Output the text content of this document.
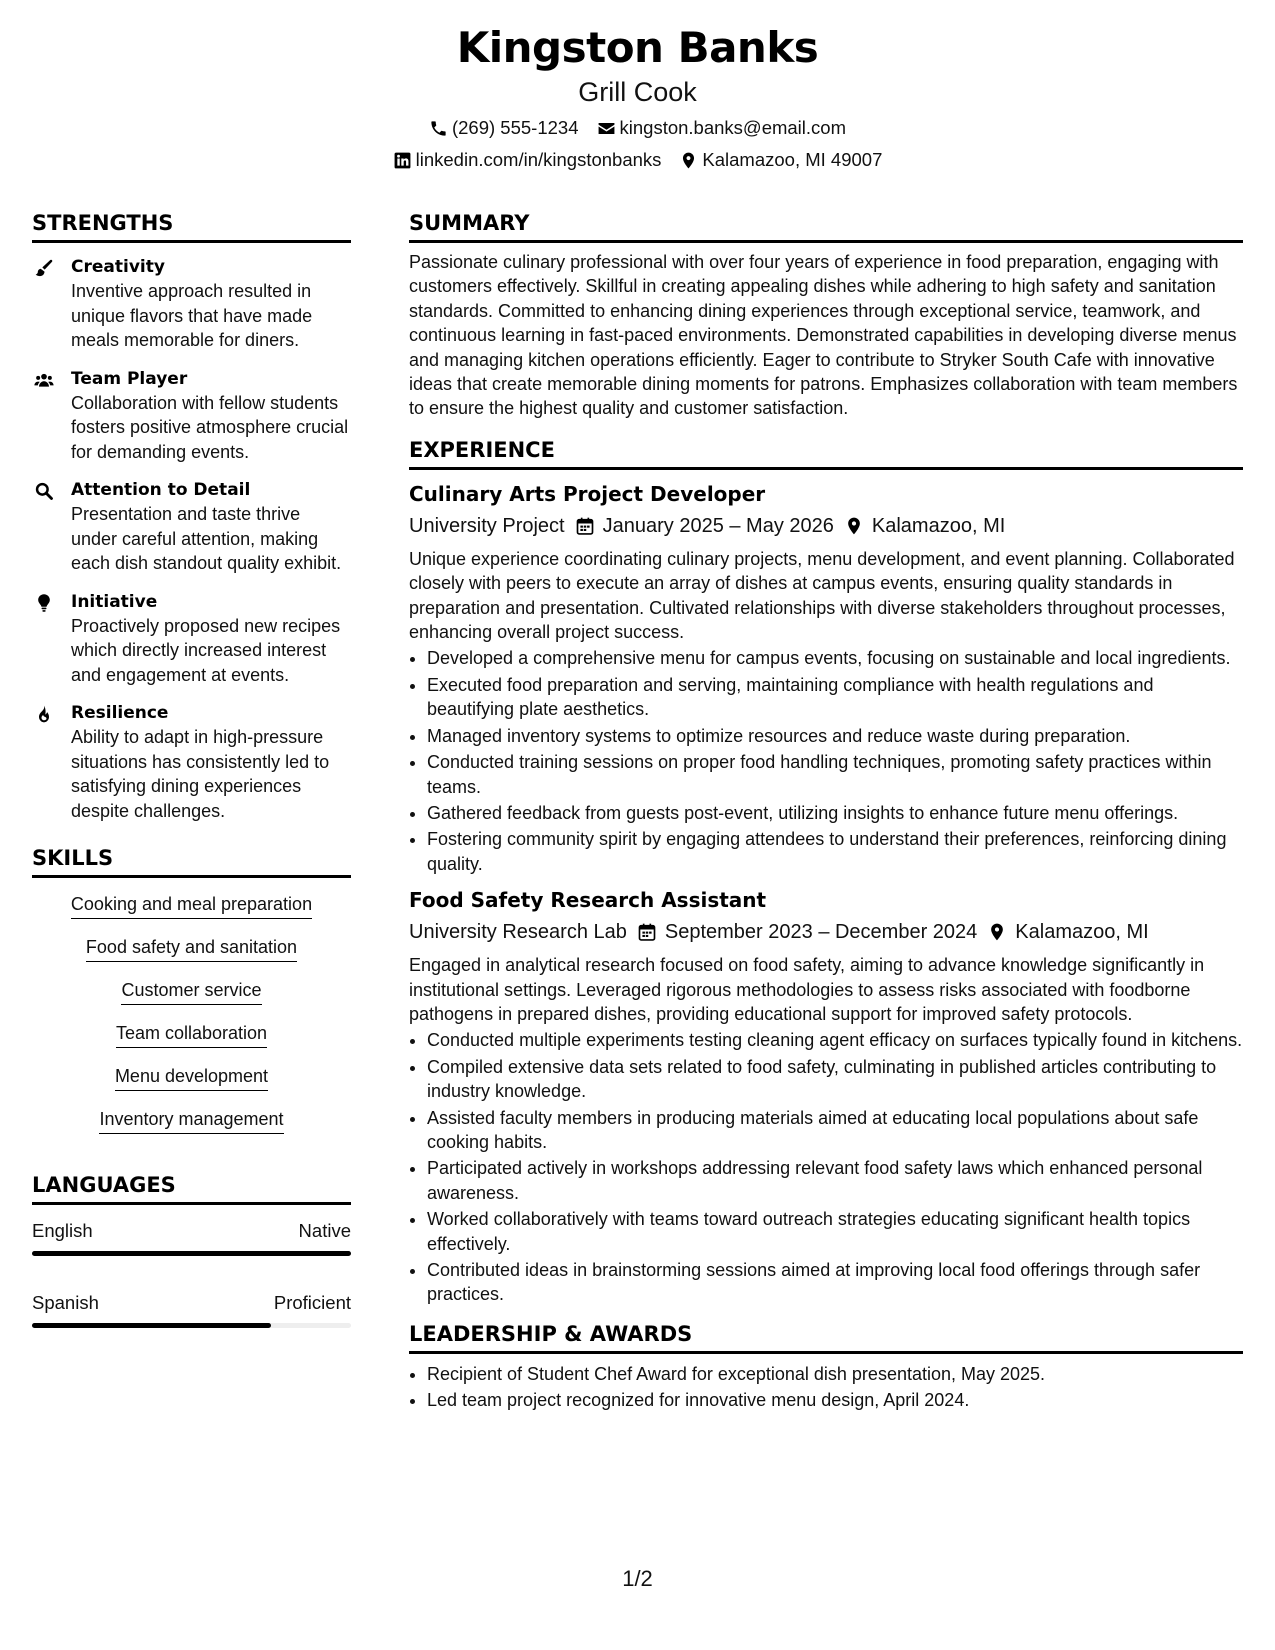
Kingston Banks
Grill Cook
(269) 555-1234 kingston.banks@email.com
linkedin.com/in/kingstonbanks Kalamazoo, MI 49007
STRENGTHS
Creativity
Inventive approach resulted in unique flavors that have made meals memorable for diners.
Team Player
Collaboration with fellow students fosters positive atmosphere crucial for demanding events.
Attention to Detail
Presentation and taste thrive under careful attention, making each dish standout quality exhibit.
Initiative
Proactively proposed new recipes which directly increased interest and engagement at events.
Resilience
Ability to adapt in high-pressure situations has consistently led to satisfying dining experiences despite challenges.
SKILLS
Cooking and meal preparation
Food safety and sanitation
Customer service
Team collaboration
Menu development
Inventory management
LANGUAGES
English	Native
Spanish	Proficient
SUMMARY
Passionate culinary professional with over four years of experience in food preparation, engaging with customers effectively. Skillful in creating appealing dishes while adhering to high safety and sanitation standards. Committed to enhancing dining experiences through exceptional service, teamwork, and continuous learning in fast-paced environments. Demonstrated capabilities in developing diverse menus and managing kitchen operations efficiently. Eager to contribute to Stryker South Cafe with innovative ideas that create memorable dining moments for patrons. Emphasizes collaboration with team members to ensure the highest quality and customer satisfaction.
EXPERIENCE
Culinary Arts Project Developer
University Project January 2025 – May 2026 Kalamazoo, MI
Unique experience coordinating culinary projects, menu development, and event planning. Collaborated closely with peers to execute an array of dishes at campus events, ensuring quality standards in preparation and presentation. Cultivated relationships with diverse stakeholders throughout processes, enhancing overall project success.
• Developed a comprehensive menu for campus events, focusing on sustainable and local ingredients.
• Executed food preparation and serving, maintaining compliance with health regulations and beautifying plate aesthetics.
• Managed inventory systems to optimize resources and reduce waste during preparation.
• Conducted training sessions on proper food handling techniques, promoting safety practices within teams.
• Gathered feedback from guests post-event, utilizing insights to enhance future menu offerings.
• Fostering community spirit by engaging attendees to understand their preferences, reinforcing dining quality.
Food Safety Research Assistant
University Research Lab September 2023 – December 2024 Kalamazoo, MI
Engaged in analytical research focused on food safety, aiming to advance knowledge significantly in institutional settings. Leveraged rigorous methodologies to assess risks associated with foodborne pathogens in prepared dishes, providing educational support for improved safety protocols.
• Conducted multiple experiments testing cleaning agent efficacy on surfaces typically found in kitchens.
• Compiled extensive data sets related to food safety, culminating in published articles contributing to industry knowledge.
• Assisted faculty members in producing materials aimed at educating local populations about safe cooking habits.
• Participated actively in workshops addressing relevant food safety laws which enhanced personal awareness.
• Worked collaboratively with teams toward outreach strategies educating significant health topics effectively.
• Contributed ideas in brainstorming sessions aimed at improving local food offerings through safer practices.
LEADERSHIP & AWARDS
• Recipient of Student Chef Award for exceptional dish presentation, May 2025.
• Led team project recognized for innovative menu design, April 2024.
1/2
